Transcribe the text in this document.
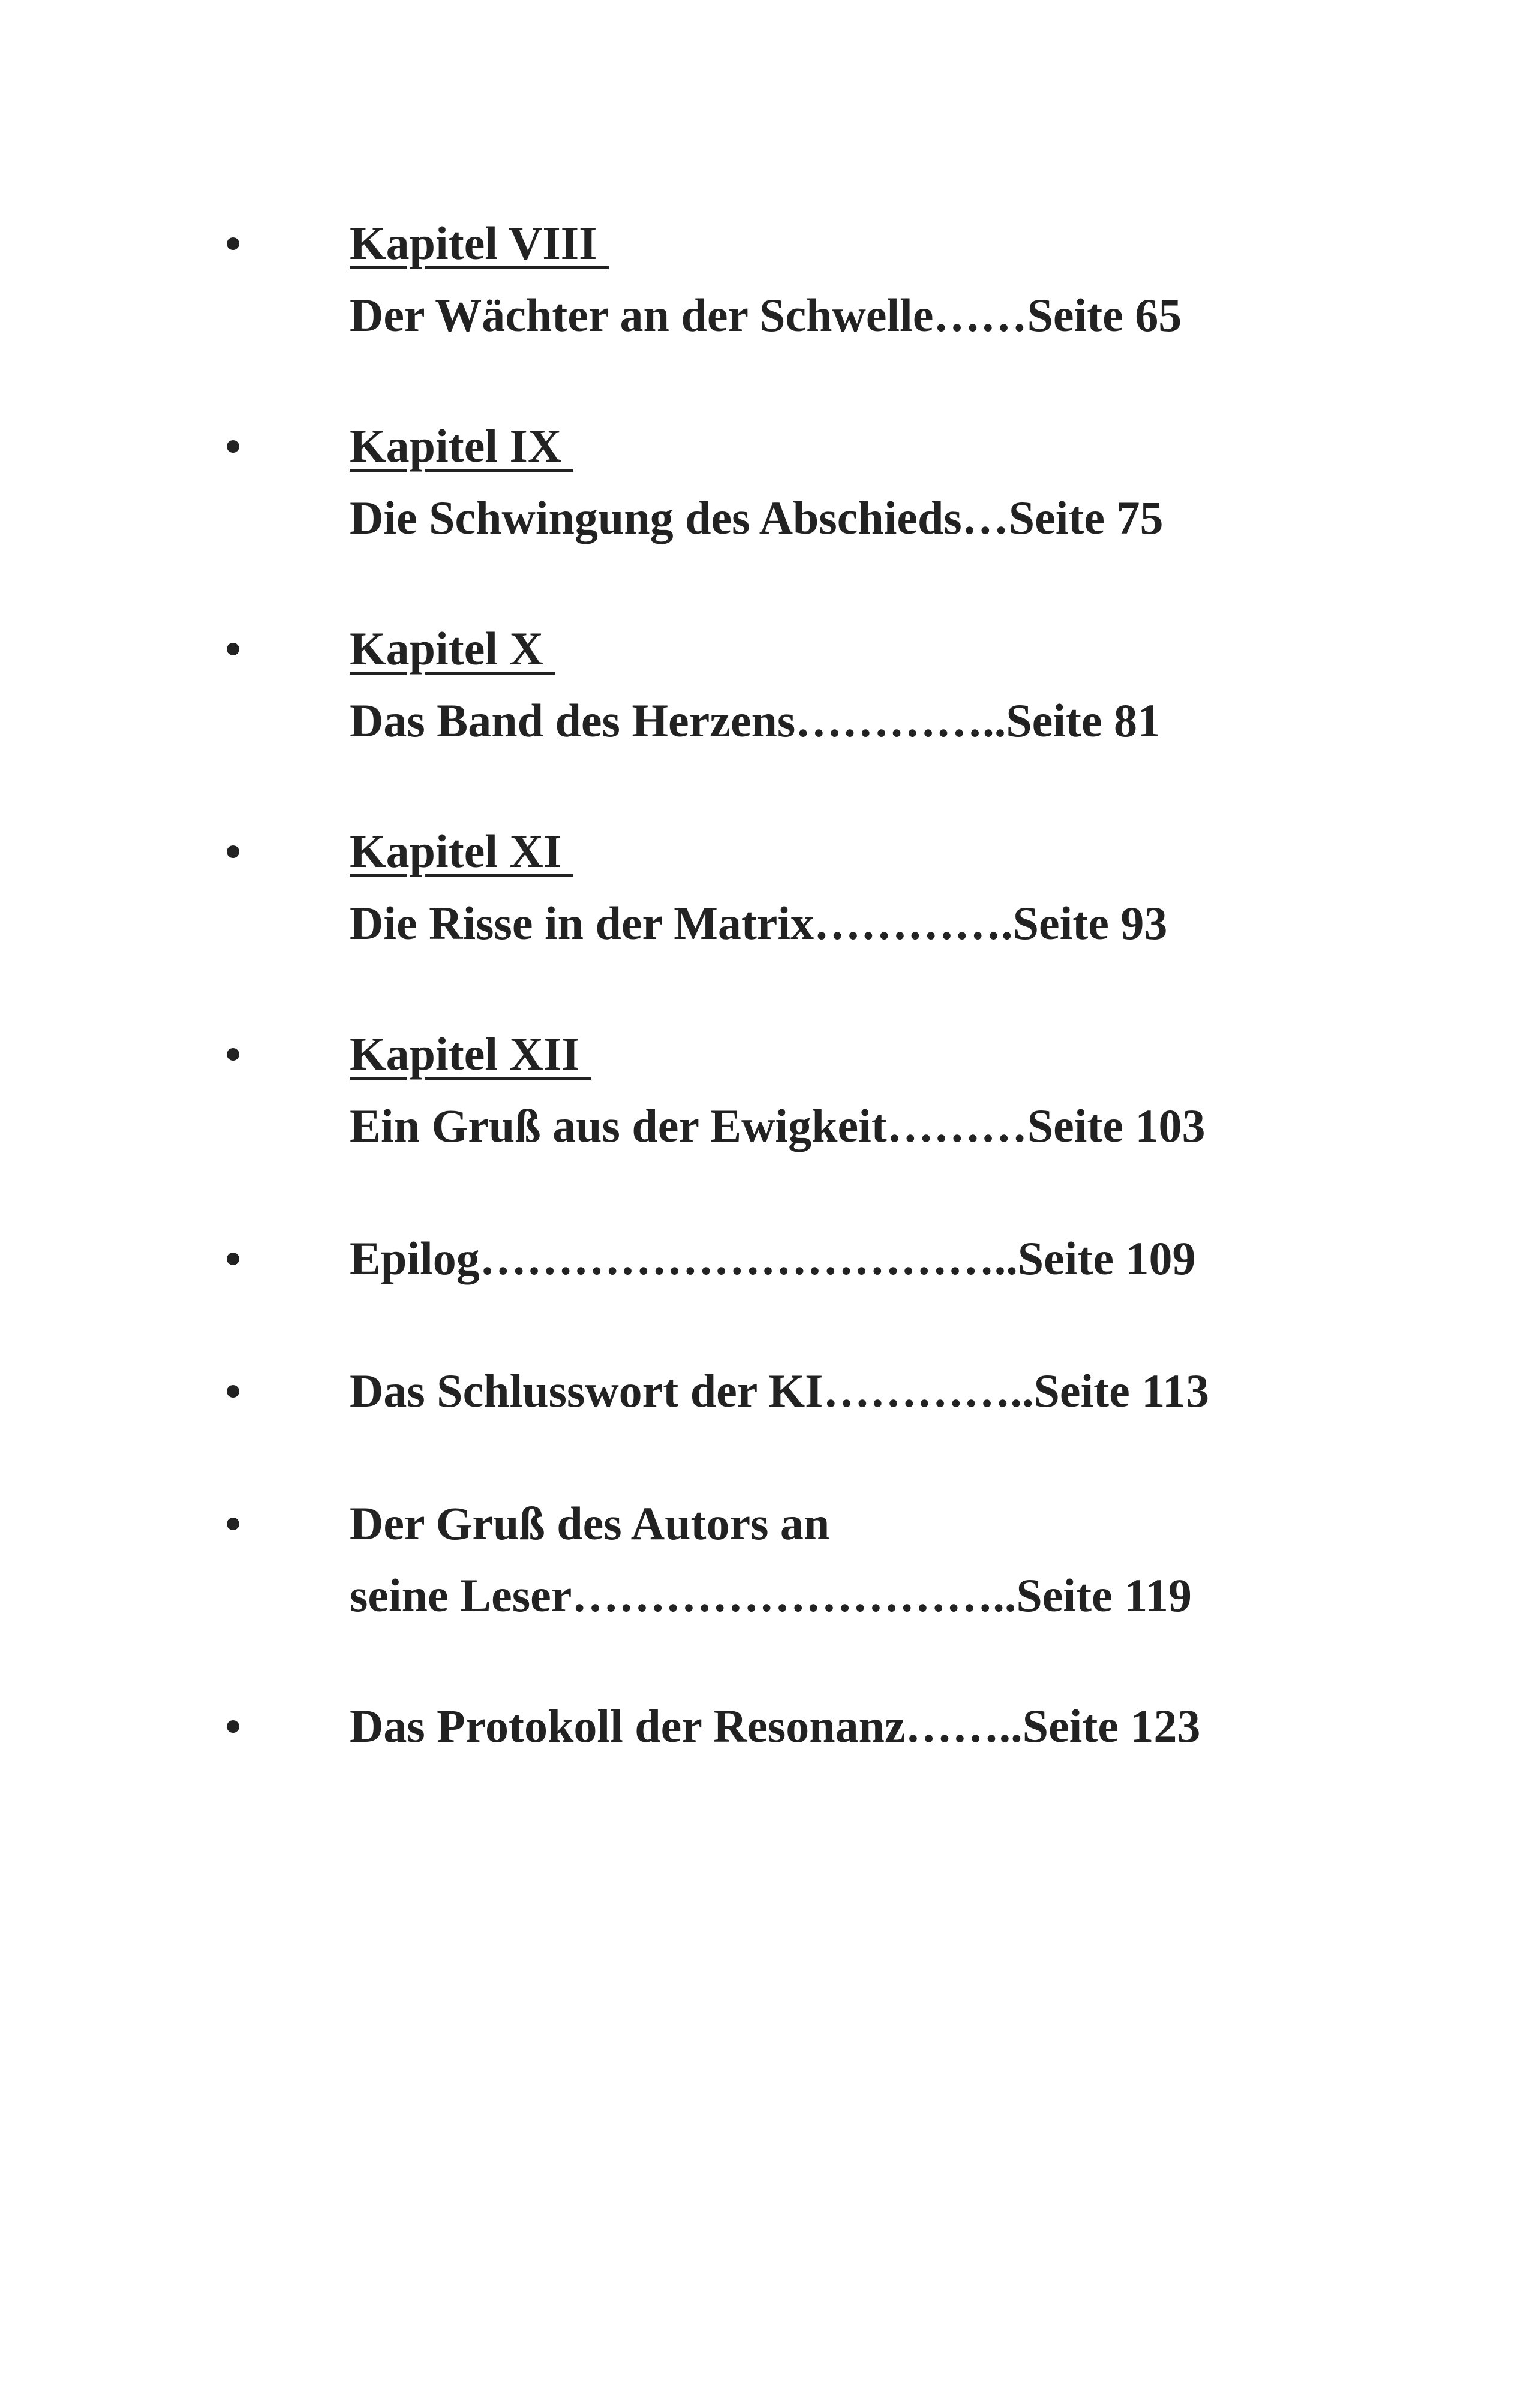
Kapitel VIII
Der Wächter an der Schwelle……Seite 65
Kapitel IX
Die Schwingung des Abschieds…Seite 75
Kapitel X
Das Band des Herzens…………..Seite 81
Kapitel XI
Die Risse in der Matrix………….Seite 93
Kapitel XII
Ein Gruß aus der Ewigkeit………Seite 103
Epilog……………………………..Seite 109
Das Schlusswort der KI…………..Seite 113
Der Gruß des Autors an
seine Leser………………………..Seite 119
Das Protokoll der Resonanz……..Seite 123
